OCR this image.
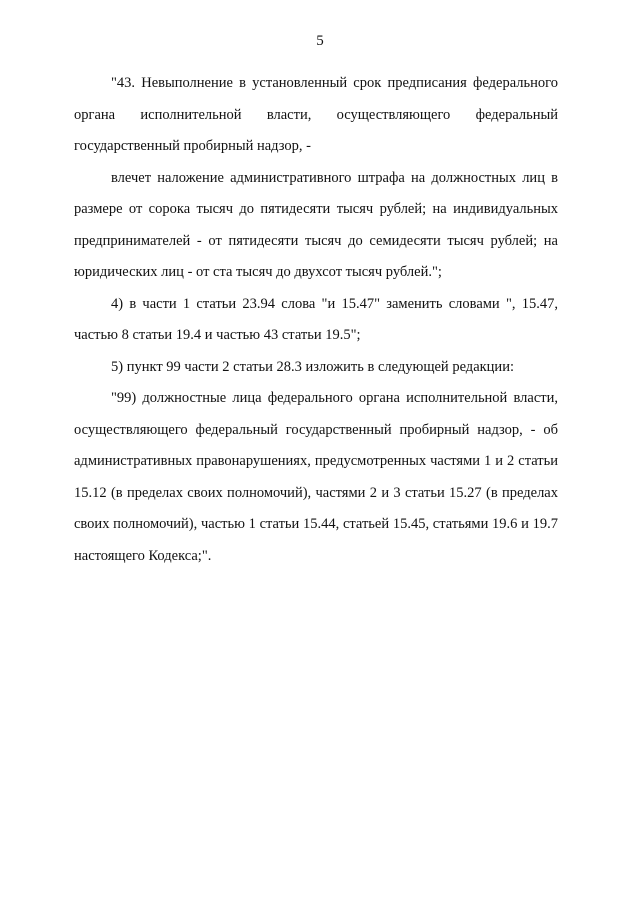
5

"43. Невыполнение в установленный срок предписания федерального органа исполнительной власти, осуществляющего федеральный государственный пробирный надзор, -

влечет наложение административного штрафа на должностных лиц в размере от сорока тысяч до пятидесяти тысяч рублей; на индивидуальных предпринимателей - от пятидесяти тысяч до семидесяти тысяч рублей; на юридических лиц - от ста тысяч до двухсот тысяч рублей.";

4) в части 1 статьи 23.94 слова "и 15.47" заменить словами ", 15.47, частью 8 статьи 19.4 и частью 43 статьи 19.5";

5) пункт 99 части 2 статьи 28.3 изложить в следующей редакции:

"99) должностные лица федерального органа исполнительной власти, осуществляющего федеральный государственный пробирный надзор, - об административных правонарушениях, предусмотренных частями 1 и 2 статьи 15.12 (в пределах своих полномочий), частями 2 и 3 статьи 15.27 (в пределах своих полномочий), частью 1 статьи 15.44, статьей 15.45, статьями 19.6 и 19.7 настоящего Кодекса;".
